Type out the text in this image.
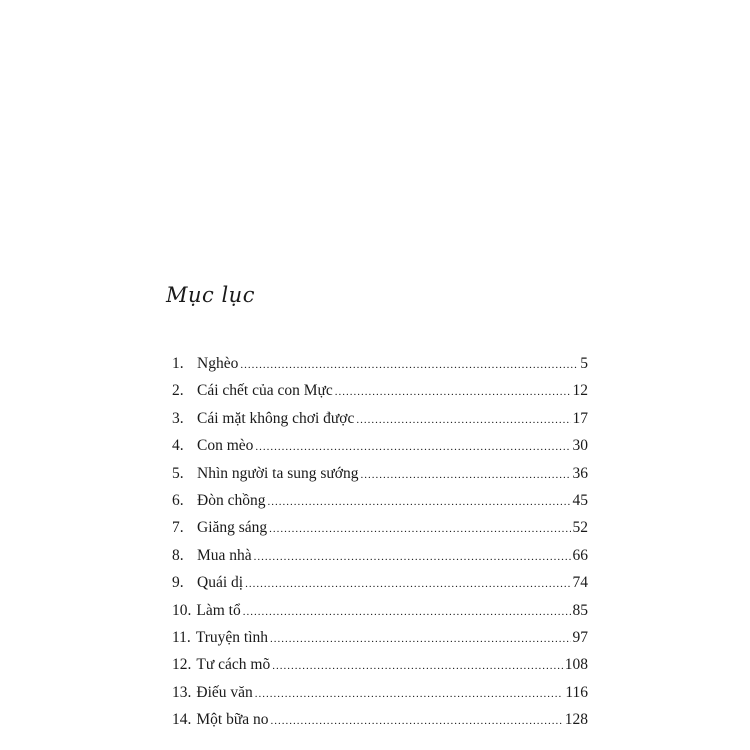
Mục lục
1. Nghèo .....	5
2. Cái chết của con Mực .....	12
3. Cái mặt không chơi được .....	17
4. Con mèo .....	30
5. Nhìn người ta sung sướng .....	36
6. Đòn chồng .....	45
7. Giăng sáng .....	52
8. Mua nhà .....	66
9. Quái dị .....	74
10. Làm tổ .....	85
11. Truyện tình .....	97
12. Tư cách mõ .....	108
13. Điếu văn .....	116
14. Một bữa no .....	128
